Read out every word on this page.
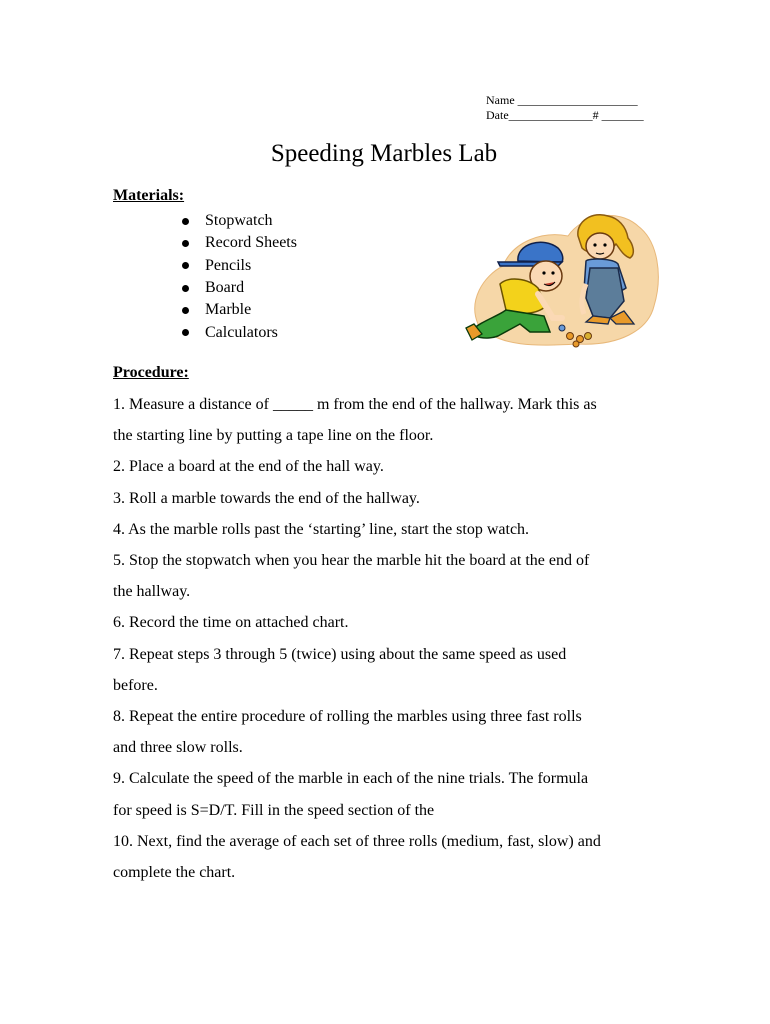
Name ____________________
Date______________# _______
Speeding Marbles Lab
Materials:
Stopwatch
Record Sheets
Pencils
Board
Marble
Calculators
Procedure:

1. Measure a distance of _____ m from the end of the hallway. Mark this as

the starting line by putting a tape line on the floor.

2. Place a board at the end of the hall way.

3. Roll a marble towards the end of the hallway.

4. As the marble rolls past the ‘starting’ line, start the stop watch.

5. Stop the stopwatch when you hear the marble hit the board at the end of

the hallway.

6. Record the time on attached chart.

7. Repeat steps 3 through 5 (twice) using about the same speed as used

before.

8. Repeat the entire procedure of rolling the marbles using three fast rolls

and three slow rolls.

9. Calculate the speed of the marble in each of the nine trials. The formula

for speed is S=D/T. Fill in the speed section of the

10. Next, find the average of each set of three rolls (medium, fast, slow) and

complete the chart.
